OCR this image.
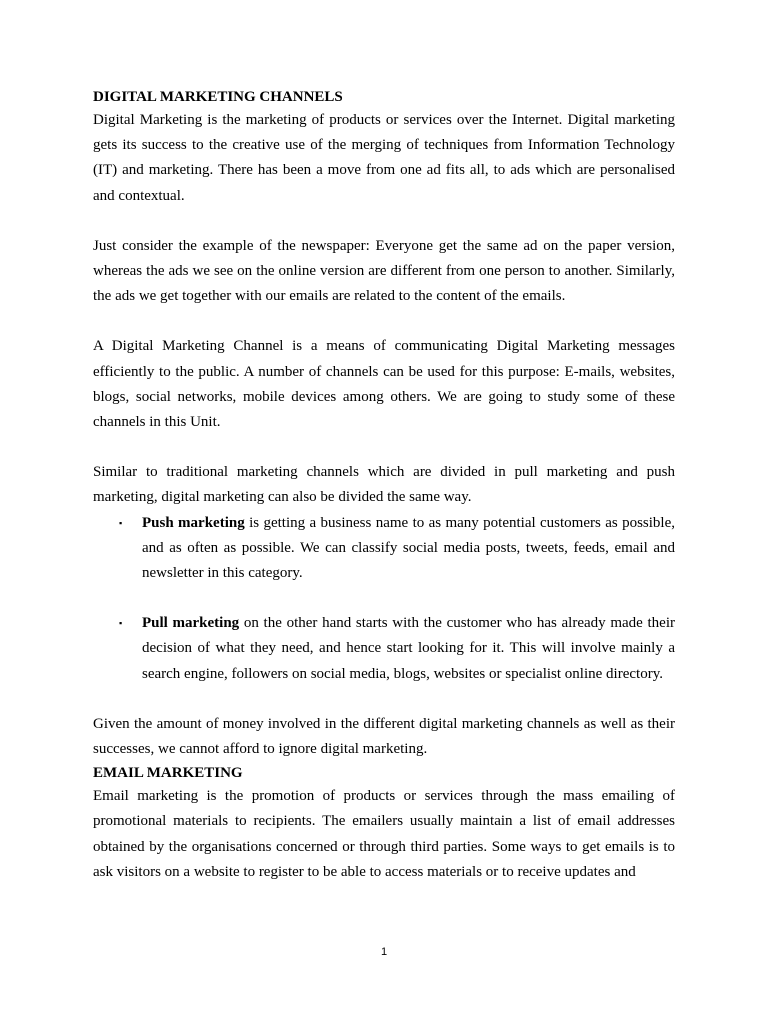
DIGITAL MARKETING CHANNELS

Digital Marketing is the marketing of products or services over the Internet. Digital marketing gets its success to the creative use of the merging of techniques from Information Technology (IT) and marketing. There has been a move from one ad fits all, to ads which are personalised and contextual.

Just consider the example of the newspaper: Everyone get the same ad on the paper version, whereas the ads we see on the online version are different from one person to another. Similarly, the ads we get together with our emails are related to the content of the emails.

A Digital Marketing Channel is a means of communicating Digital Marketing messages efficiently to the public. A number of channels can be used for this purpose: E-mails, websites, blogs, social networks, mobile devices among others. We are going to study some of these channels in this Unit.

Similar to traditional marketing channels which are divided in pull marketing and push marketing, digital marketing can also be divided the same way.

▪ Push marketing is getting a business name to as many potential customers as possible, and as often as possible. We can classify social media posts, tweets, feeds, email and newsletter in this category.
▪ Pull marketing on the other hand starts with the customer who has already made their decision of what they need, and hence start looking for it. This will involve mainly a search engine, followers on social media, blogs, websites or specialist online directory.

Given the amount of money involved in the different digital marketing channels as well as their successes, we cannot afford to ignore digital marketing.

EMAIL MARKETING

Email marketing is the promotion of products or services through the mass emailing of promotional materials to recipients. The emailers usually maintain a list of email addresses obtained by the organisations concerned or through third parties. Some ways to get emails is to ask visitors on a website to register to be able to access materials or to receive updates and

1
